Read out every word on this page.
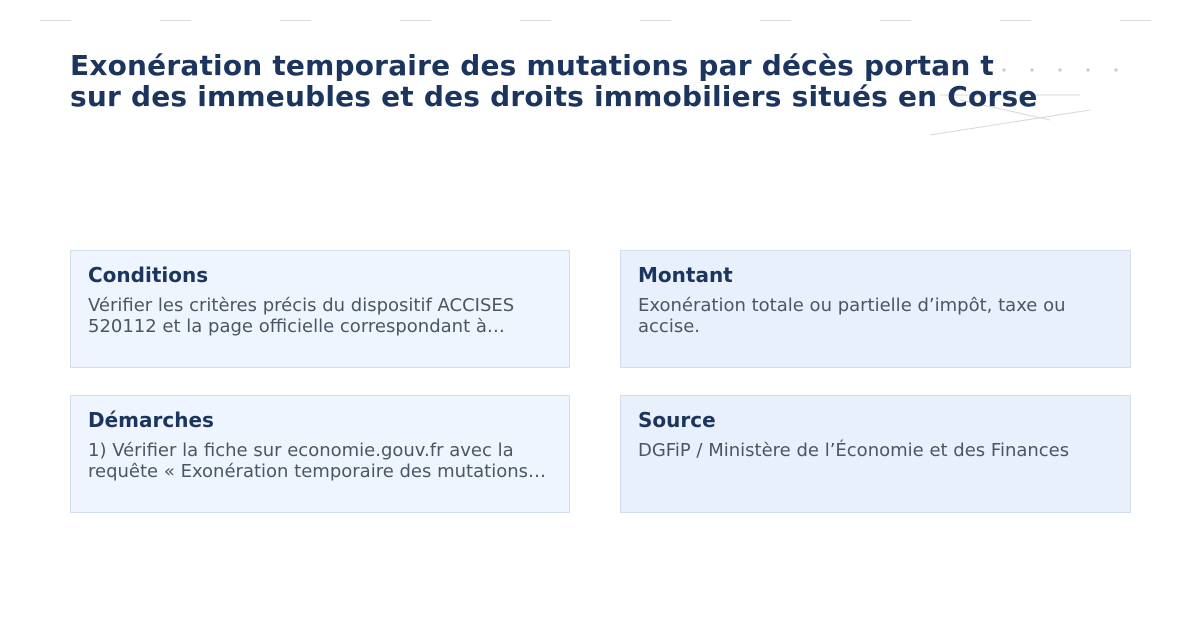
Exonération temporaire des mutations par décès portan t
sur des immeubles et des droits immobiliers situés en Corse
Conditions

Vérifier les critères précis du dispositif ACCISES 520112 et la page officielle correspondant à…

Montant

Exonération totale ou partielle d’impôt, taxe ou accise.

Démarches

1) Vérifier la fiche sur economie.gouv.fr avec la requête « Exonération temporaire des mutations…

Source

DGFiP / Ministère de l’Économie et des Finances
